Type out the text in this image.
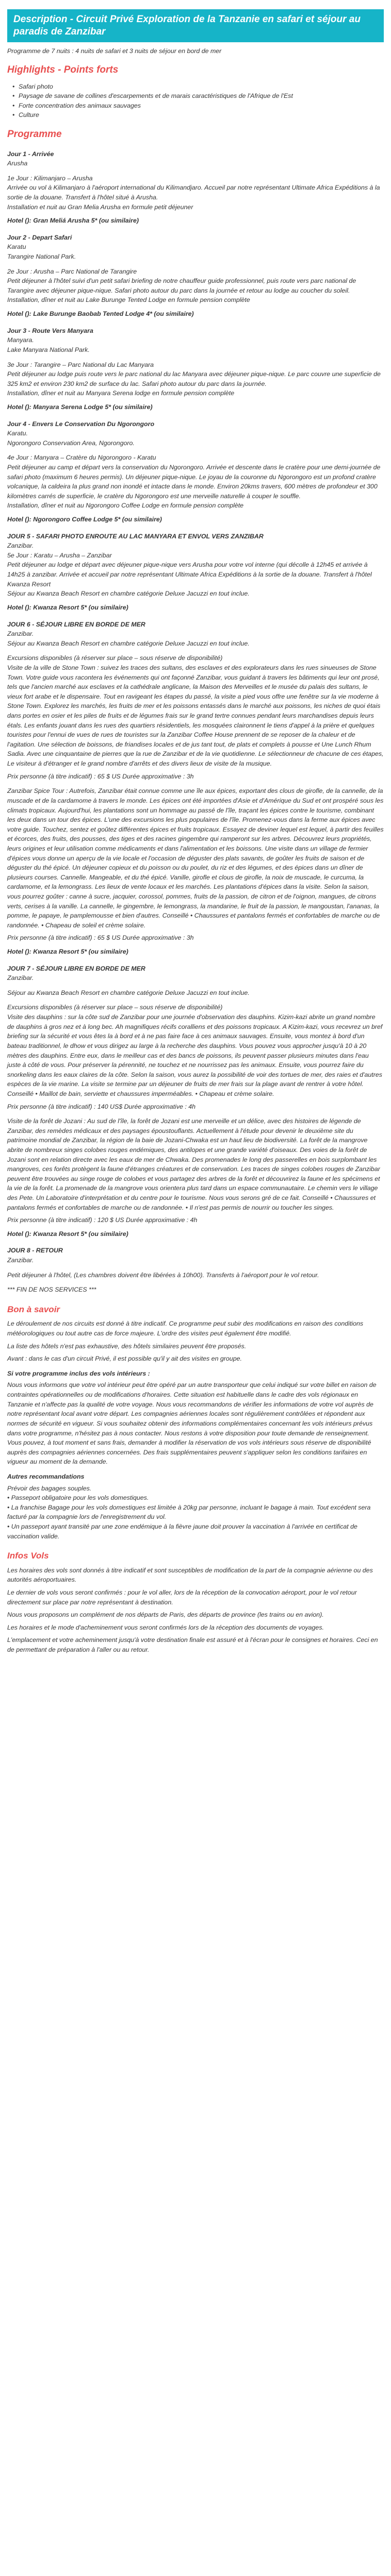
Description - Circuit Privé Exploration de la Tanzanie en safari et séjour au paradis de Zanzibar

Programme de 7 nuits : 4 nuits de safari et 3 nuits de séjour en bord de mer

Highlights - Points forts
• Safari photo
• Paysage de savane de collines d'escarpements et de marais caractéristiques de l'Afrique de l'Est
• Forte concentration des animaux sauvages
• Culture
Programme
Jour 1 - Arrivée

Arusha

1e Jour : Kilimanjaro – Arusha

Arrivée ou vol à Kilimanjaro à l'aéroport international du Kilimandjaro. Accueil par notre représentant Ultimate Africa Expéditions à la sortie de la douane. Transfert à l'hôtel situé à Arusha.

Installation et nuit au Gran Melia Arusha en formule petit déjeuner

Hotel (): Gran Meliá Arusha 5* (ou similaire)
Jour 2 - Depart Safari

Karatu

Tarangire National Park.

2e Jour : Arusha – Parc National de Tarangire

Petit déjeuner à l'hôtel suivi d'un petit safari briefing de notre chauffeur guide professionnel, puis route vers parc national de Tarangire avec déjeuner pique-nique. Safari photo autour du parc dans la journée et retour au lodge au coucher du soleil.

Installation, dîner et nuit au Lake Burunge Tented Lodge en formule pension complète

Hotel (): Lake Burunge Baobab Tented Lodge 4* (ou similaire)
Jour 3 - Route Vers Manyara

Manyara.

Lake Manyara National Park.

3e Jour : Tarangire – Parc National du Lac Manyara

Petit déjeuner au lodge puis route vers le parc national du lac Manyara avec déjeuner pique-nique. Le parc couvre une superficie de 325 km2 et environ 230 km2 de surface du lac. Safari photo autour du parc dans la journée.

Installation, dîner et nuit au Manyara Serena lodge en formule pension complète

Hotel (): Manyara Serena Lodge 5* (ou similaire)
Jour 4 - Envers Le Conservation Du Ngorongoro

Karatu.

Ngorongoro Conservation Area, Ngorongoro.

4e Jour : Manyara – Cratère du Ngorongoro - Karatu

Petit déjeuner au camp et départ vers la conservation du Ngorongoro. Arrivée et descente dans le cratère pour une demi-journée de safari photo (maximum 6 heures permis). Un déjeuner pique-nique. Le joyau de la couronne du Ngorongoro est un profond cratère volcanique, la caldeira la plus grand non inondé et intacte dans le monde. Environ 20kms travers, 600 mètres de profondeur et 300 kilomètres carrés de superficie, le cratère du Ngorongoro est une merveille naturelle à couper le souffle.

Installation, dîner et nuit au Ngorongoro Coffee Lodge en formule pension complète

Hotel (): Ngorongoro Coffee Lodge 5* (ou similaire)
JOUR 5 - SAFARI PHOTO ENROUTE AU LAC MANYARA ET ENVOL VERS ZANZIBAR

Zanzibar.

5e Jour : Karatu – Arusha – Zanzibar

Petit déjeuner au lodge et départ avec déjeuner pique-nique vers Arusha pour votre vol interne (qui décolle à 12h45 et arrivée à 14h25 à zanzibar. Arrivée et accueil par notre représentant Ultimate Africa Expéditions à la sortie de la douane. Transfert à l'hôtel Kwanza Resort

Séjour au Kwanza Beach Resort en chambre catégorie Deluxe Jacuzzi en tout inclue.

Hotel (): Kwanza Resort 5* (ou similaire)
JOUR 6 - SÉJOUR LIBRE EN BORDE DE MER

Zanzibar.

Séjour au Kwanza Beach Resort en chambre catégorie Deluxe Jacuzzi en tout inclue.

Excursions disponibles (à réserver sur place – sous réserve de disponibilité)

Visite de la ville de Stone Town : suivez les traces des sultans, des esclaves et des explorateurs dans les rues sinueuses de Stone Town. Votre guide vous racontera les événements qui ont façonné Zanzibar, vous guidant à travers les bâtiments qui leur ont prosé, tels que l'ancien marché aux esclaves et la cathédrale anglicane, la Maison des Merveilles et le musée du palais des sultans, le vieux fort arabe et le dispensaire. Tout en ravigeant les étapes du passé, la visite a pied vous offre une fenêtre sur la vie moderne à Stone Town. Explorez les marchés, les fruits de mer et les poissons entassés dans le marché aux poissons, les niches de quoi étais dans portes en osier et les piles de fruits et de légumes frais sur le grand tertre connues pendant leurs marchandises depuis leurs étals. Les enfants jouant dans les rues des quartiers résidentiels, les mosquées claironnent le tiens d'appel à la prière et quelques touristes pour l'ennui de vues de rues de touristes sur la Zanzibar Coffee House prennent de se reposer de la chaleur et de l'agitation. Une sélection de boissons, de friandises locales et de jus tant tout, de plats et complets à pousse et Une Lunch Rhum Sadia. Avec une cinquantaine de pierres que la rue de Zanzibar et de la vie quotidienne. Le sélectionneur de chacune de ces étapes, Le visiteur à d'étranger et le grand nombre d'arrêts et des divers lieux de visite de la musique.

Prix personne (à titre indicatif) : 65 $ US Durée approximative : 3h

Zanzibar Spice Tour : Autrefois, Zanzibar était connue comme une île aux épices, exportant des clous de girofle, de la cannelle, de la muscade et de la cardamome à travers le monde. Les épices ont été importées d'Asie et d'Amérique du Sud et ont prospéré sous les climats tropicaux. Aujourd'hui, les plantations sont un hommage au passé de l'île, traçant les épices contre le tourisme, combinant les deux dans un tour des épices. L'une des excursions les plus populaires de l'île. Promenez-vous dans la ferme aux épices avec votre guide. Touchez, sentez et goûtez différentes épices et fruits tropicaux. Essayez de deviner lequel est lequel, à partir des feuilles et écorces, des fruits, des pousses, des tiges et des racines gingembre qui ramperont sur les arbres. Découvrez leurs propriétés, leurs origines et leur utilisation comme médicaments et dans l'alimentation et les boissons. Une visite dans un village de fermier d'épices vous donne un aperçu de la vie locale et l'occasion de déguster des plats savants, de goûter les fruits de saison et de déguster du thé épicé. Un déjeuner copieux et du poisson ou du poulet, du riz et des légumes, et des épices dans un dîner de plusieurs courses. Cannelle. Mangeable, et du thé épicé. Vanille, girofle et clous de girofle, la noix de muscade, le curcuma, la cardamome, et la lemongrass. Les lieux de vente locaux et les marchés. Les plantations d'épices dans la visite. Selon la saison, vous pourrez goûter : canne à sucre, jacquier, corossol, pommes, fruits de la passion, de citron et de l'oignon, mangues, de citrons verts, cerises à la vanille. La cannelle, le gingembre, le lemongrass, la mandarine, le fruit de la passion, le mangoustan, l'ananas, la pomme, le papaye, le pamplemousse et bien d'autres. Conseillé • Chaussures et pantalons fermés et confortables de marche ou de randonnée. • Chapeau de soleil et crème solaire.

Prix personne (à titre indicatif) : 65 $ US Durée approximative : 3h

Hotel (): Kwanza Resort 5* (ou similaire)
JOUR 7 - SÉJOUR LIBRE EN BORDE DE MER

Zanzibar.

Séjour au Kwanza Beach Resort en chambre catégorie Deluxe Jacuzzi en tout inclue.

Excursions disponibles (à réserver sur place – sous réserve de disponibilité)

Visite des dauphins : sur la côte sud de Zanzibar pour une journée d'observation des dauphins. Kizim-kazi abrite un grand nombre de dauphins à gros nez et à long bec. Ah magnifiques récifs coralliens et des poissons tropicaux. A Kizim-kazi, vous recevrez un bref briefing sur la sécurité et vous êtes la à bord et à ne pas faire face à ces animaux sauvages. Ensuite, vous montez à bord d'un bateau traditionnel, le dhow et vous dirigez au large à la recherche des dauphins. Vous pouvez vous approcher jusqu'à 10 à 20 mètres des dauphins. Entre eux, dans le meilleur cas et des bancs de poissons, ils peuvent passer plusieurs minutes dans l'eau juste à côté de vous. Pour préserver la pérennité, ne touchez et ne nourrissez pas les animaux. Ensuite, vous pourrez faire du snorkeling dans les eaux claires de la côte. Selon la saison, vous aurez la possibilité de voir des tortues de mer, des raies et d'autres espèces de la vie marine. La visite se termine par un déjeuner de fruits de mer frais sur la plage avant de rentrer à votre hôtel. Conseillé • Maillot de bain, serviette et chaussures imperméables. • Chapeau et crème solaire.

Prix personne (à titre indicatif) : 140 US$ Durée approximative : 4h

Visite de la forêt de Jozani : Au sud de l'île, la forêt de Jozani est une merveille et un délice, avec des histoires de légende de Zanzibar, des remèdes médicaux et des paysages époustouflants. Actuellement à l'étude pour devenir le deuxième site du patrimoine mondial de Zanzibar, la région de la baie de Jozani-Chwaka est un haut lieu de biodiversité. La forêt de la mangrove abrite de nombreux singes colobes rouges endémiques, des antilopes et une grande variété d'oiseaux. Des voies de la forêt de Jozani sont en relation directe avec les eaux de mer de Chwaka. Des promenades le long des passerelles en bois surplombant les mangroves, ces forêts protègent la faune d'étranges créatures et de conservation. Les traces de singes colobes rouges de Zanzibar peuvent être trouvées au singe rouge de colobes et vous partagez des arbres de la forêt et découvrirez la faune et les spécimens et la vie de la forêt. La promenade de la mangrove vous orientera plus tard dans un espace communautaire. Le chemin vers le village des Pete. Un Laboratoire d'interprétation et du centre pour le tourisme. Nous vous serons gré de ce fait. Conseillé • Chaussures et pantalons fermés et confortables de marche ou de randonnée. • Il n'est pas permis de nourrir ou toucher les singes.

Prix personne (à titre indicatif) : 120 $ US Durée approximative : 4h

Hotel (): Kwanza Resort 5* (ou similaire)
JOUR 8 - RETOUR

Zanzibar.

Petit déjeuner à l'hôtel, (Les chambres doivent être libérées à 10h00). Transferts à l'aéroport pour le vol retour.

*** FIN DE NOS SERVICES ***

Bon à savoir

Le déroulement de nos circuits est donné à titre indicatif. Ce programme peut subir des modifications en raison des conditions météorologiques ou tout autre cas de force majeure. L'ordre des visites peut également être modifié.

La liste des hôtels n'est pas exhaustive, des hôtels similaires peuvent être proposés.

Avant : dans le cas d'un circuit Privé, il est possible qu'il y ait des visites en groupe.

Si votre programme inclus des vols intérieurs :

Nous vous informons que votre vol intérieur peut être opéré par un autre transporteur que celui indiqué sur votre billet en raison de contraintes opérationnelles ou de modifications d'horaires. Cette situation est habituelle dans le cadre des vols régionaux en Tanzanie et n'affecte pas la qualité de votre voyage. Nous vous recommandons de vérifier les informations de votre vol auprès de notre représentant local avant votre départ. Les compagnies aériennes locales sont régulièrement contrôlées et répondent aux normes de sécurité en vigueur. Si vous souhaitez obtenir des informations complémentaires concernant les vols intérieurs prévus dans votre programme, n'hésitez pas à nous contacter. Nous restons à votre disposition pour toute demande de renseignement. Vous pouvez, à tout moment et sans frais, demander à modifier la réservation de vos vols intérieurs sous réserve de disponibilité auprès des compagnies aériennes concernées. Des frais supplémentaires peuvent s'appliquer selon les conditions tarifaires en vigueur au moment de la demande.

Autres recommandations

Prévoir des bagages souples.

• Passeport obligatoire pour les vols domestiques.

• La franchise Bagage pour les vols domestiques est limitée à 20kg par personne, incluant le bagage à main. Tout excédent sera facturé par la compagnie lors de l'enregistrement du vol.

• Un passeport ayant transité par une zone endémique à la fièvre jaune doit prouver la vaccination à l'arrivée en certificat de vaccination valide.

Infos Vols

Les horaires des vols sont donnés à titre indicatif et sont susceptibles de modification de la part de la compagnie aérienne ou des autorités aéroportuaires.

Le dernier de vols vous seront confirmés : pour le vol aller, lors de la réception de la convocation aéroport, pour le vol retour directement sur place par notre représentant à destination.

Nous vous proposons un complément de nos départs de Paris, des départs de province (les trains ou en avion).

Les horaires et le mode d'acheminement vous seront confirmés lors de la réception des documents de voyages.

L'emplacement et votre acheminement jusqu'à votre destination finale est assuré et à l'écran pour le consignes et horaires. Ceci en de permettant de préparation à l'aller ou au retour.
